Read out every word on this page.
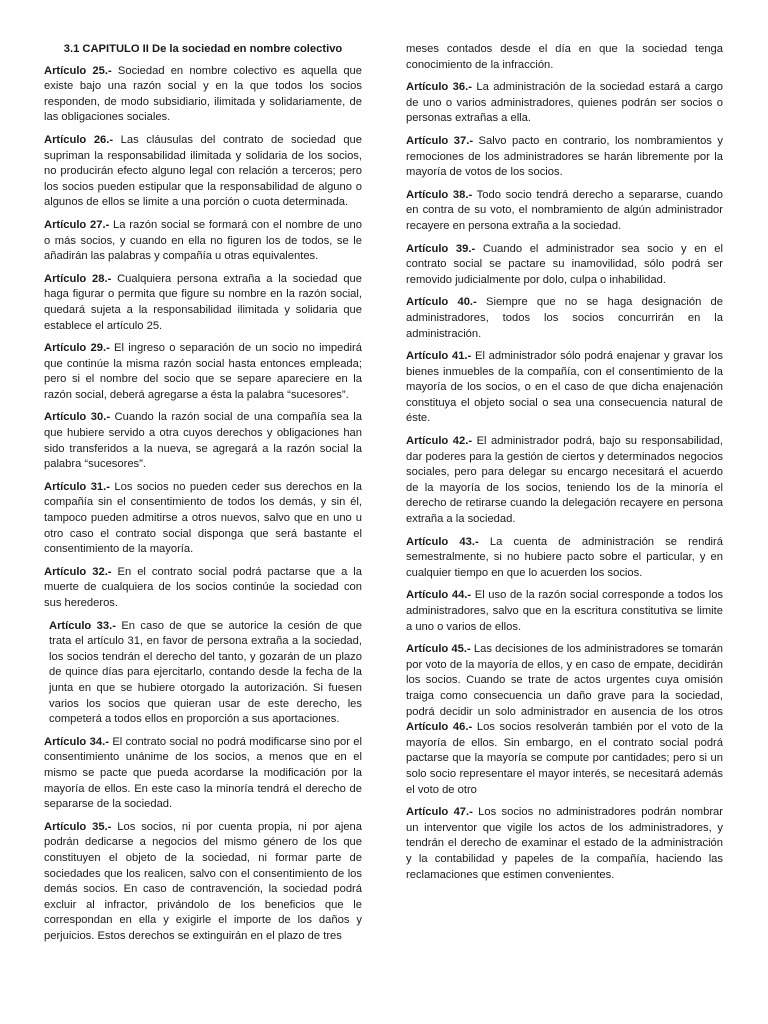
3.1 CAPITULO II De la sociedad en nombre colectivo

Artículo 25.- Sociedad en nombre colectivo es aquella que existe bajo una razón social y en la que todos los socios responden, de modo subsidiario, ilimitada y solidariamente, de las obligaciones sociales.

Artículo 26.- Las cláusulas del contrato de sociedad que supriman la responsabilidad ilimitada y solidaria de los socios, no producirán efecto alguno legal con relación a terceros; pero los socios pueden estipular que la responsabilidad de alguno o algunos de ellos se limite a una porción o cuota determinada.

Artículo 27.- La razón social se formará con el nombre de uno o más socios, y cuando en ella no figuren los de todos, se le añadirán las palabras y compañía u otras equivalentes.

Artículo 28.- Cualquiera persona extraña a la sociedad que haga figurar o permita que figure su nombre en la razón social, quedará sujeta a la responsabilidad ilimitada y solidaria que establece el artículo 25.

Artículo 29.- El ingreso o separación de un socio no impedirá que continúe la misma razón social hasta entonces empleada; pero si el nombre del socio que se separe apareciere en la razón social, deberá agregarse a ésta la palabra “sucesores”.

Artículo 30.- Cuando la razón social de una compañía sea la que hubiere servido a otra cuyos derechos y obligaciones han sido transferidos a la nueva, se agregará a la razón social la palabra “sucesores”.

Artículo 31.- Los socios no pueden ceder sus derechos en la compañía sin el consentimiento de todos los demás, y sin él, tampoco pueden admitirse a otros nuevos, salvo que en uno u otro caso el contrato social disponga que será bastante el consentimiento de la mayoría.

Artículo 32.- En el contrato social podrá pactarse que a la muerte de cualquiera de los socios continúe la sociedad con sus herederos.

Artículo 33.- En caso de que se autorice la cesión de que trata el artículo 31, en favor de persona extraña a la sociedad, los socios tendrán el derecho del tanto, y gozarán de un plazo de quince días para ejercitarlo, contando desde la fecha de la junta en que se hubiere otorgado la autorización. Si fuesen varios los socios que quieran usar de este derecho, les competerá a todos ellos en proporción a sus aportaciones.

Artículo 34.- El contrato social no podrá modificarse sino por el consentimiento unánime de los socios, a menos que en el mismo se pacte que pueda acordarse la modificación por la mayoría de ellos. En este caso la minoría tendrá el derecho de separarse de la sociedad.

Artículo 35.- Los socios, ni por cuenta propia, ni por ajena podrán dedicarse a negocios del mismo género de los que constituyen el objeto de la sociedad, ni formar parte de sociedades que los realicen, salvo con el consentimiento de los demás socios. En caso de contravención, la sociedad podrá excluir al infractor, privándolo de los beneficios que le correspondan en ella y exigirle el importe de los daños y perjuicios. Estos derechos se extinguirán en el plazo de tres

meses contados desde el día en que la sociedad tenga conocimiento de la infracción.

Artículo 36.- La administración de la sociedad estará a cargo de uno o varios administradores, quienes podrán ser socios o personas extrañas a ella.

Artículo 37.- Salvo pacto en contrario, los nombramientos y remociones de los administradores se harán libremente por la mayoría de votos de los socios.

Artículo 38.- Todo socio tendrá derecho a separarse, cuando en contra de su voto, el nombramiento de algún administrador recayere en persona extraña a la sociedad.

Artículo 39.- Cuando el administrador sea socio y en el contrato social se pactare su inamovilidad, sólo podrá ser removido judicialmente por dolo, culpa o inhabilidad.

Artículo 40.- Siempre que no se haga designación de administradores, todos los socios concurrirán en la administración.

Artículo 41.- El administrador sólo podrá enajenar y gravar los bienes inmuebles de la compañía, con el consentimiento de la mayoría de los socios, o en el caso de que dicha enajenación constituya el objeto social o sea una consecuencia natural de éste.

Artículo 42.- El administrador podrá, bajo su responsabilidad, dar poderes para la gestión de ciertos y determinados negocios sociales, pero para delegar su encargo necesitará el acuerdo de la mayoría de los socios, teniendo los de la minoría el derecho de retirarse cuando la delegación recayere en persona extraña a la sociedad.

Artículo 43.- La cuenta de administración se rendirá semestralmente, si no hubiere pacto sobre el particular, y en cualquier tiempo en que lo acuerden los socios.

Artículo 44.- El uso de la razón social corresponde a todos los administradores, salvo que en la escritura constitutiva se limite a uno o varios de ellos.

Artículo 45.- Las decisiones de los administradores se tomarán por voto de la mayoría de ellos, y en caso de empate, decidirán los socios. Cuando se trate de actos urgentes cuya omisión traiga como consecuencia un daño grave para la sociedad, podrá decidir un solo administrador en ausencia de los otros Artículo 46.- Los socios resolverán también por el voto de la mayoría de ellos. Sin embargo, en el contrato social podrá pactarse que la mayoría se compute por cantidades; pero si un solo socio representare el mayor interés, se necesitará además el voto de otro

Artículo 47.- Los socios no administradores podrán nombrar un interventor que vigile los actos de los administradores, y tendrán el derecho de examinar el estado de la administración y la contabilidad y papeles de la compañía, haciendo las reclamaciones que estimen convenientes.
